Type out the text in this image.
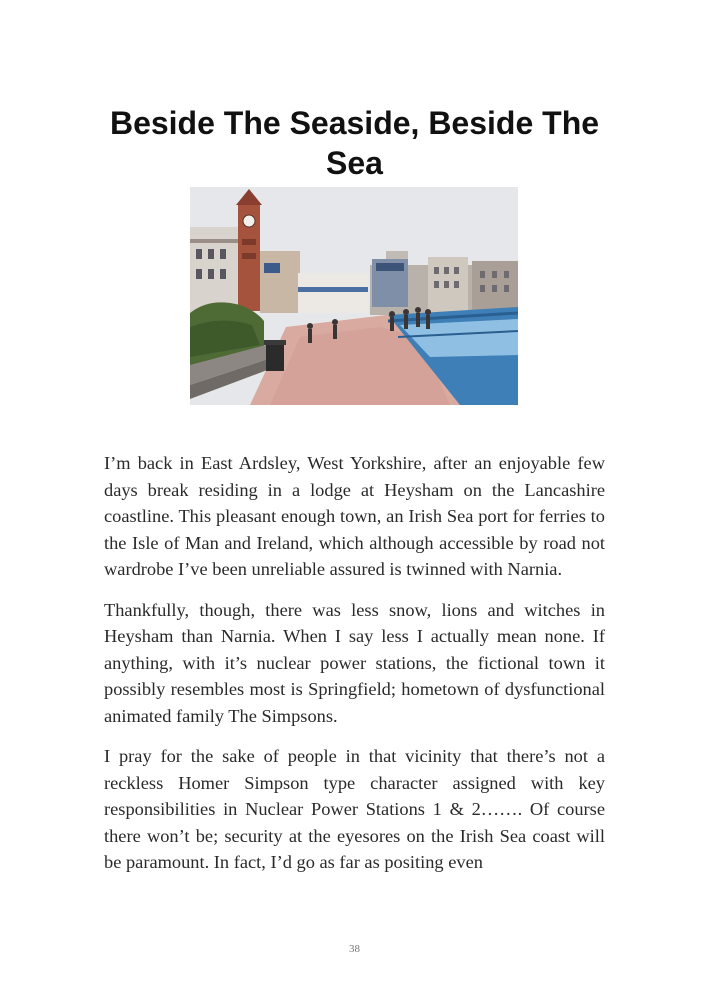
Beside The Seaside, Beside The Sea

I’m back in East Ardsley, West Yorkshire, after an enjoyable few days break residing in a lodge at Heysham on the Lancashire coastline. This pleasant enough town, an Irish Sea port for ferries to the Isle of Man and Ireland, which although accessible by road not wardrobe I’ve been unreliable assured is twinned with Narnia.

Thankfully, though, there was less snow, lions and witches in Heysham than Narnia. When I say less I actually mean none. If anything, with it’s nuclear power stations, the fictional town it possibly resembles most is Springfield; hometown of dysfunctional animated family The Simpsons.

I pray for the sake of people in that vicinity that there’s not a reckless Homer Simpson type character assigned with key responsibilities in Nuclear Power Stations 1 & 2……. Of course there won’t be; security at the eyesores on the Irish Sea coast will be paramount. In fact, I’d go as far as positing even

38
